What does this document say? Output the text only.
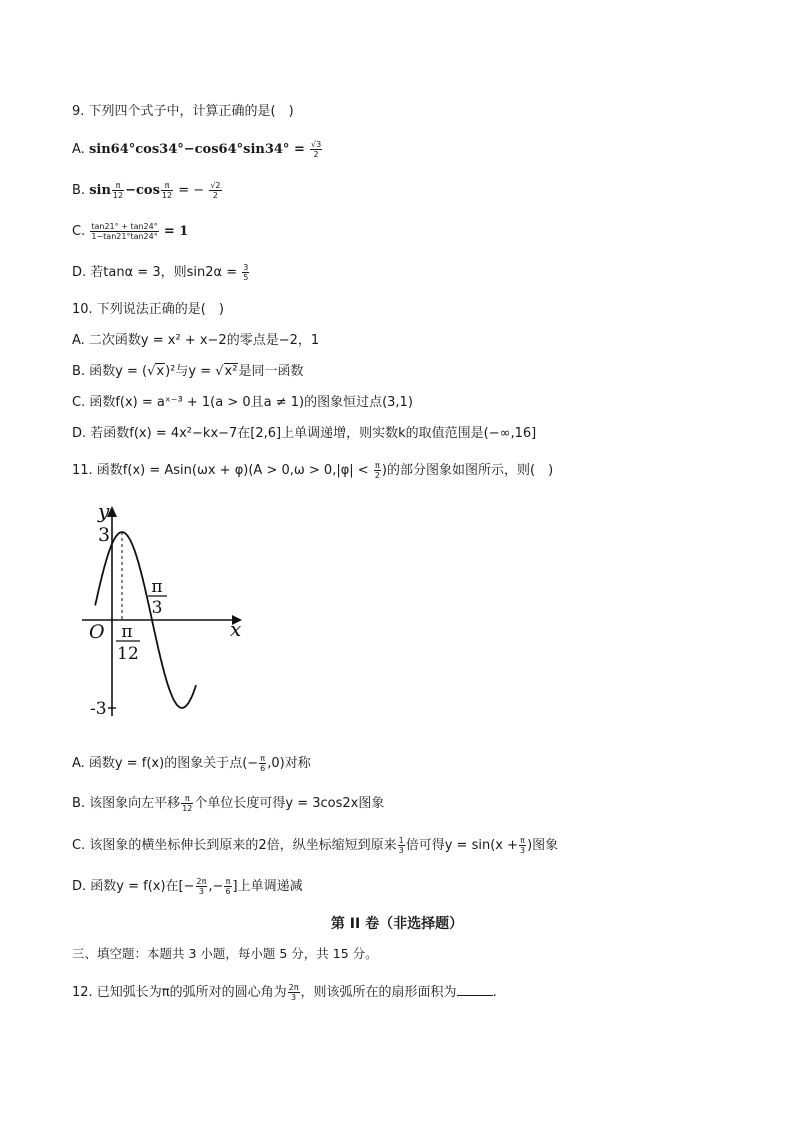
9. 下列四个式子中，计算正确的是(　)
A. $\sin 64^\circ\cos 34^\circ-\cos 64^\circ\sin 34^\circ = \frac{√3}{2}$
B. $\sin \frac{\pi}{12} -\cos \frac{\pi}{12}$ = − $\frac{√2}{2}$
C. $\frac{\tan 21^\circ + \tan 24^\circ}{1-\tan 21^\circ\tan 24^\circ} = 1$
D. 若tanα = 3，则$\sin 2\alpha = \frac{3}{5}$
10. 下列说法正确的是(　)
A. 二次函数y = x² + x−2的零点是−2，1
B. 函数y = (√x)²与y = √x²是同一函数
C. 函数f(x) = aˣ⁻³ + 1(a > 0且a ≠ 1)的图象恒过点(3,1)
D. 若函数f(x) = 4x²−kx−7在[2,6]上单调递增，则实数k的取值范围是(−∞,16]
11. 函数$f(x) = Asin(\omega x + \varphi)(A > 0,\omega > 0,|\varphi| < \frac{\pi}{2}$ )的部分图象如图所示，则(　)
y
x
O
3
-3
π
12
π
3
A. 函数y = f(x)的图象关于点(− $\frac{\pi}{6} ,0$)对称
B. 该图象向左平移 $\frac{\pi}{12}$ 个单位长度可得y = 3cos2x图象
C. 该图象的横坐标伸长到原来的2倍，纵坐标缩短到原来 $\frac{1}{3}$ 倍可得$y = \sin(x + \frac{\pi}{3}$ )图象
D. 函数y = f(x)在[− $\frac{2\pi}{3}$ ,− $\frac{\pi}{6}$ ]上单调递减
第 II 卷（非选择题）
三、填空题：本题共 3 小题，每小题 5 分，共 15 分。
12. 已知弧长为π的弧所对的圆心角为 $\frac{2\pi}{3}$ ，则该弧所在的扇形面积为	.
